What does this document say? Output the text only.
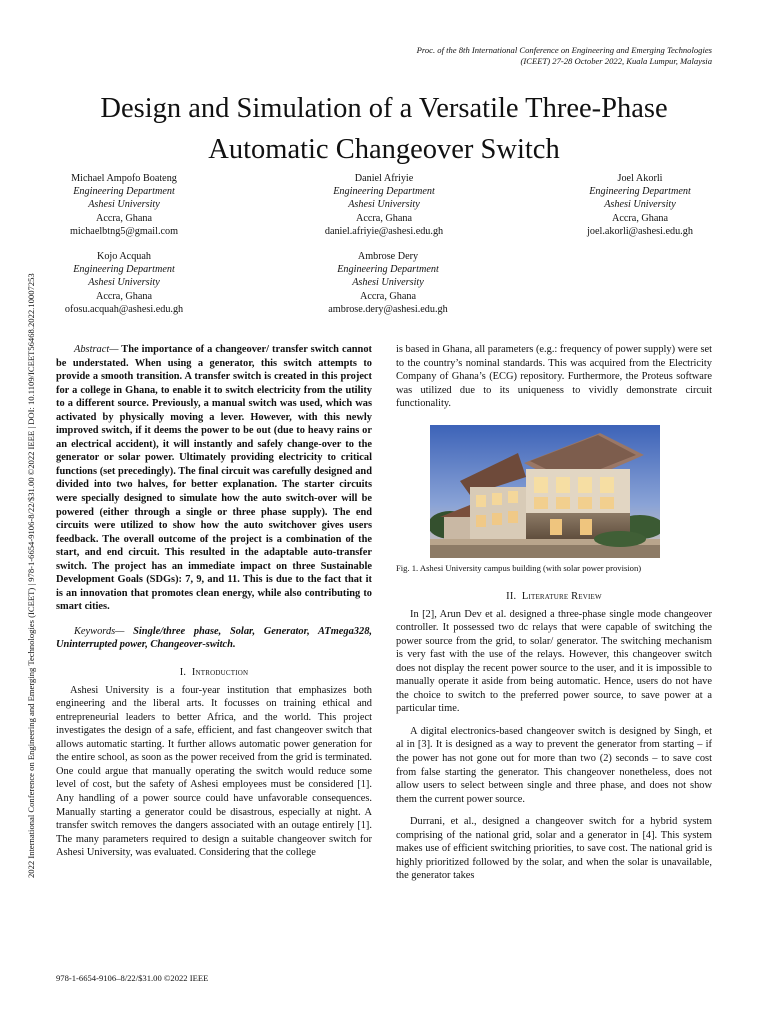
2022 International Conference on Engineering and Emerging Technologies (ICEET) | 978-1-6654-9106-8/22/$31.00 ©2022 IEEE | DOI: 10.1109/ICEET56468.2022.10007253
Proc. of the 8th International Conference on Engineering and Emerging Technologies
(ICEET) 27-28 October 2022, Kuala Lumpur, Malaysia
Design and Simulation of a Versatile Three-Phase
Automatic Changeover Switch
Michael Ampofo Boateng
Engineering Department
Ashesi University
Accra, Ghana
michaelbtng5@gmail.com
Daniel Afriyie
Engineering Department
Ashesi University
Accra, Ghana
daniel.afriyie@ashesi.edu.gh
Joel Akorli
Engineering Department
Ashesi University
Accra, Ghana
joel.akorli@ashesi.edu.gh
Kojo Acquah
Engineering Department
Ashesi University
Accra, Ghana
ofosu.acquah@ashesi.edu.gh
Ambrose Dery
Engineering Department
Ashesi University
Accra, Ghana
ambrose.dery@ashesi.edu.gh

Abstract— The importance of a changeover/ transfer switch cannot be understated. When using a generator, this switch attempts to provide a smooth transition. A transfer switch is created in this project for a college in Ghana, to enable it to switch electricity from the utility to a different source. Previously, a manual switch was used, which was activated by physically moving a lever. However, with this newly improved switch, if it deems the power to be out (due to heavy rains or an electrical accident), it will instantly and safely change-over to the generator or solar power. Ultimately providing electricity to critical functions (set precedingly). The final circuit was carefully designed and divided into two halves, for better explanation. The starter circuits were specially designed to simulate how the auto switch-over will be powered (either through a single or three phase supply). The end circuits were utilized to show how the auto switchover gives users feedback. The overall outcome of the project is a combination of the start, and end circuit. This resulted in the adaptable auto-transfer switch. The project has an immediate impact on three Sustainable Development Goals (SDGs): 7, 9, and 11. This is due to the fact that it is an innovation that promotes clean energy, while also contributing to smart cities.

Keywords— Single/three phase, Solar, Generator, ATmega328, Uninterrupted power, Changeover-switch.

I. Introduction

Ashesi University is a four-year institution that emphasizes both engineering and the liberal arts. It focusses on training ethical and entrepreneurial leaders to better Africa, and the world. This project investigates the design of a safe, efficient, and fast changeover switch that allows automatic starting. It further allows automatic power generation for the entire school, as soon as the power received from the grid is terminated. One could argue that manually operating the switch would reduce some level of cost, but the safety of Ashesi employees must be considered [1]. Any handling of a power source could have unfavorable consequences. Manually starting a generator could be disastrous, especially at night. A transfer switch removes the dangers associated with an outage entirely [1]. The many parameters required to design a suitable changeover switch for Ashesi University, was evaluated. Considering that the college

is based in Ghana, all parameters (e.g.: frequency of power supply) were set to the country’s nominal standards. This was acquired from the Electricity Company of Ghana’s (ECG) repository. Furthermore, the Proteus software was utilized due to its uniqueness to vividly demonstrate circuit functionality.

Fig. 1. Ashesi University campus building (with solar power provision)

II. Literature Review

In [2], Arun Dev et al. designed a three-phase single mode changeover controller. It possessed two dc relays that were capable of switching the power source from the grid, to solar/ generator. The switching mechanism is very fast with the use of the relays. However, this changeover switch does not display the recent power source to the user, and it is impossible to manually operate it aside from being automatic. Hence, users do not have the choice to switch to the preferred power source, to save power at a particular time.

A digital electronics-based changeover switch is designed by Singh, et al in [3]. It is designed as a way to prevent the generator from starting – if the power has not gone out for more than two (2) seconds – to save cost from false starting the generator. This changeover nonetheless, does not allow users to select between single and three phase, and does not show them the current power source.

Durrani, et al., designed a changeover switch for a hybrid system comprising of the national grid, solar and a generator in [4]. This system makes use of efficient switching priorities, to save cost. The national grid is highly prioritized followed by the solar, and when the solar is unavailable, the generator takes

978-1-6654-9106–8/22/$31.00 ©2022 IEEE
